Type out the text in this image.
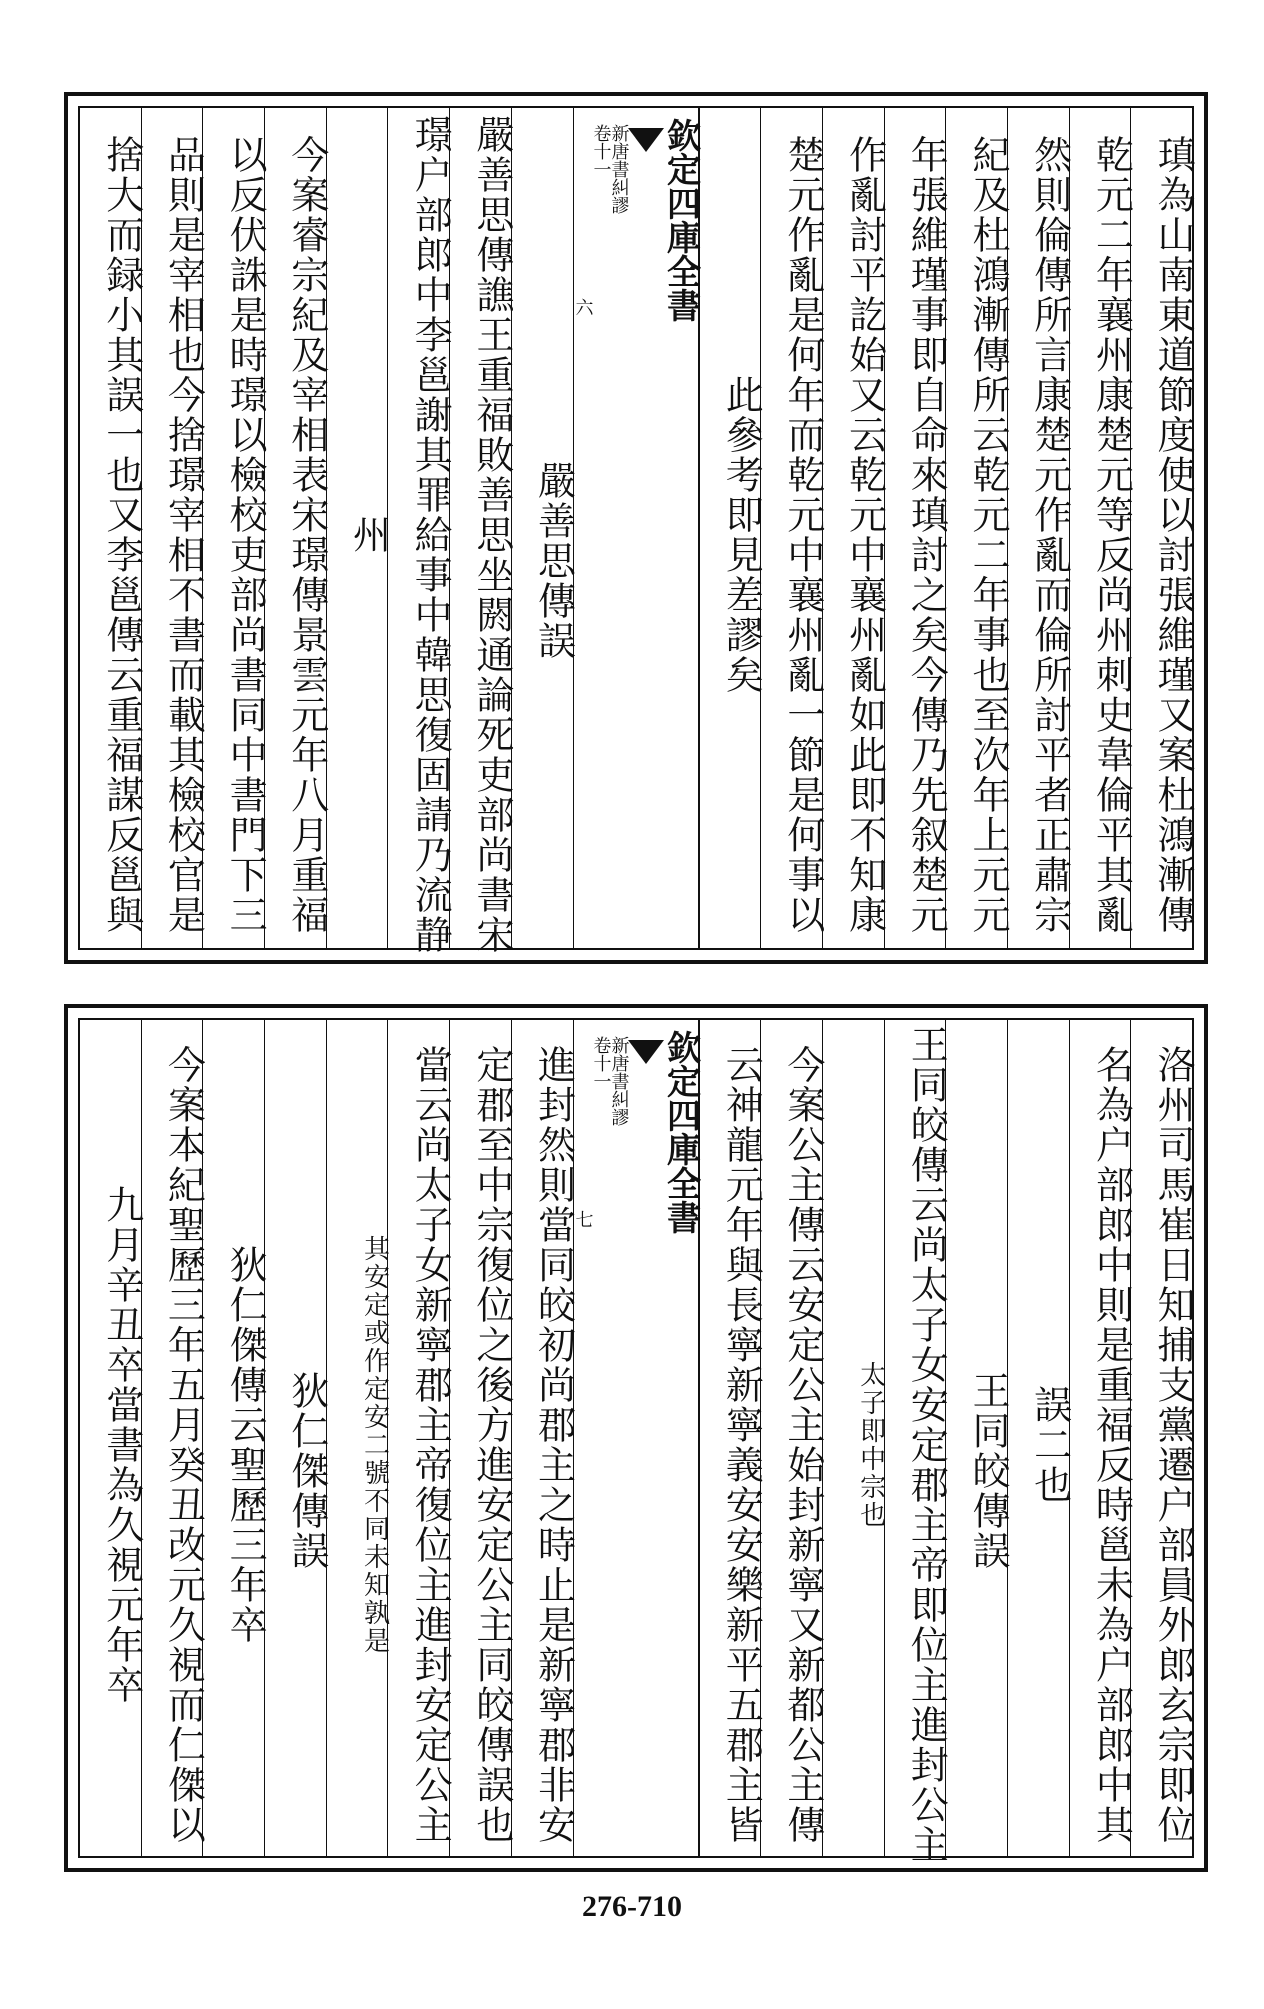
瑱為山南東道節度使以討張維瑾又案杜鴻漸傳
乾元二年襄州康楚元等反尚州刺史韋倫平其亂
然則倫傳所言康楚元作亂而倫所討平者正肅宗
紀及杜鴻漸傳所云乾元二年事也至次年上元元
年張維瑾事即自命來瑱討之矣今傳乃先叙楚元
作亂討平訖始又云乾元中襄州亂如此即不知康
楚元作亂是何年而乾元中襄州亂一節是何事以
此參考即見差謬矣
欽定四庫全書
新唐書糾謬
卷十一
六
嚴善思傳誤
嚴善思傳譙王重福敗善思坐閼通論死吏部尚書宋
璟户部郎中李邕謝其罪給事中韓思復固請乃流静
州
今案睿宗紀及宰相表宋璟傳景雲元年八月重福
以反伏誅是時璟以檢校吏部尚書同中書門下三
品則是宰相也今捨璟宰相不書而載其檢校官是
捨大而録小其誤一也又李邕傳云重福謀反邕與
洛州司馬崔日知捕支黨遷户部員外郎玄宗即位
名為户部郎中則是重福反時邕未為户部郎中其
誤二也
王同皎傳誤
王同皎傳云尚太子女安定郡主帝即位主進封公主
太子即中宗也
今案公主傳云安定公主始封新寧又新都公主傳
云神龍元年與長寧新寧義安安樂新平五郡主皆
欽定四庫全書
新唐書糾謬
卷十一
七
進封然則當同皎初尚郡主之時止是新寧郡非安
定郡至中宗復位之後方進安定公主同皎傳誤也
當云尚太子女新寧郡主帝復位主進封安定公主
其安定或作定安二號不同未知孰是
狄仁傑傳誤
狄仁傑傳云聖歷三年卒
今案本紀聖歷三年五月癸丑改元久視而仁傑以
九月辛丑卒當書為久視元年卒
276-710
